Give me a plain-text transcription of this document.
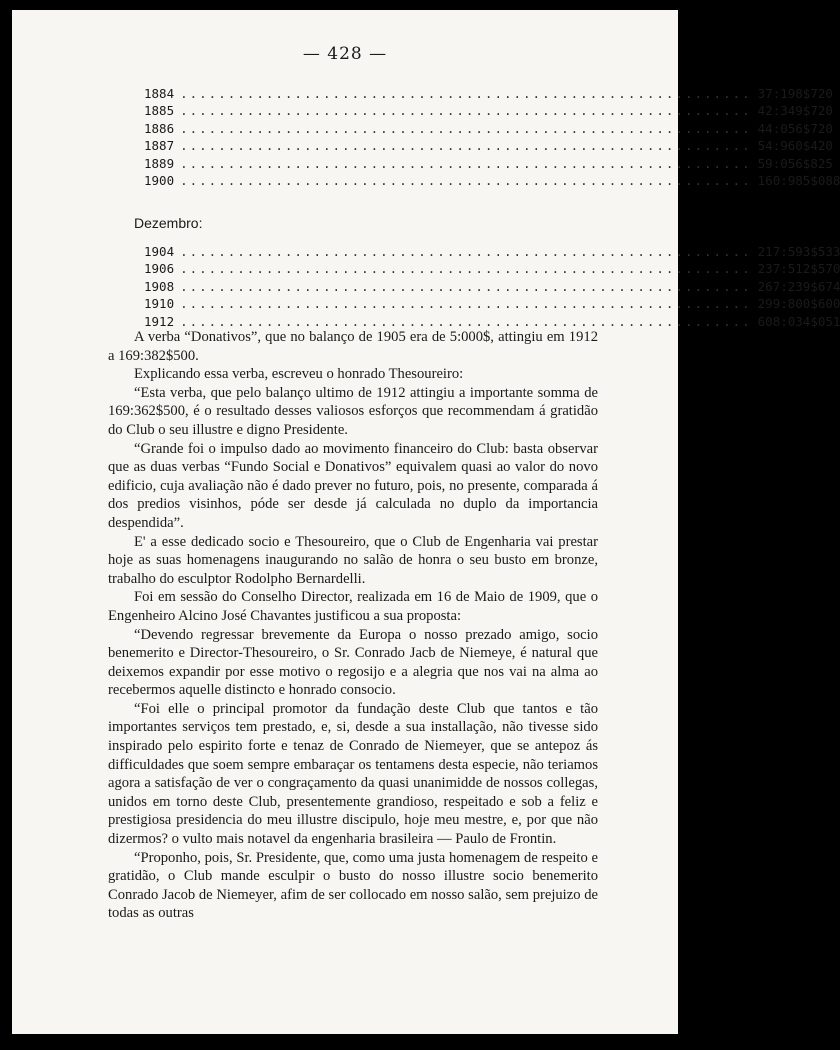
— 428 —
1884 ............................................................ 37:198$720
1885 ............................................................ 42:349$720
1886 ............................................................ 44:056$720
1887 ............................................................ 54:960$420
1889 ............................................................ 59:056$825
1900 ............................................................ 160:985$088
Dezembro:
1904 ............................................................ 217:593$533
1906 ............................................................ 237:512$570
1908 ............................................................ 267:239$674
1910 ............................................................ 299:800$600
1912 ............................................................ 608:034$051

A verba “Donativos”, que no balanço de 1905 era de 5:000$, attingiu em 1912 a 169:382$500.

Explicando essa verba, escreveu o honrado Thesoureiro:

“Esta verba, que pelo balanço ultimo de 1912 attingiu a importante somma de 169:362$500, é o resultado desses valiosos esforços que recommendam á gratidão do Club o seu illustre e digno Presidente.

“Grande foi o impulso dado ao movimento financeiro do Club: basta observar que as duas verbas “Fundo Social e Donativos” equivalem quasi ao valor do novo edificio, cuja avaliação não é dado prever no futuro, pois, no presente, comparada á dos predios visinhos, póde ser desde já calculada no duplo da importancia despendida”.

E' a esse dedicado socio e Thesoureiro, que o Club de Engenharia vai prestar hoje as suas homenagens inaugurando no salão de honra o seu busto em bronze, trabalho do esculptor Rodolpho Bernardelli.

Foi em sessão do Conselho Director, realizada em 16 de Maio de 1909, que o Engenheiro Alcino José Chavantes justificou a sua proposta:

“Devendo regressar brevemente da Europa o nosso prezado amigo, socio benemerito e Director-Thesoureiro, o Sr. Conrado Jacb de Niemeye, é natural que deixemos expandir por esse motivo o regosijo e a alegria que nos vai na alma ao recebermos aquelle distincto e honrado consocio.

“Foi elle o principal promotor da fundação deste Club que tantos e tão importantes serviços tem prestado, e, si, desde a sua installação, não tivesse sido inspirado pelo espirito forte e tenaz de Conrado de Niemeyer, que se antepoz ás difficuldades que soem sempre embaraçar os tentamens desta especie, não teriamos agora a satisfação de ver o congraçamento da quasi unanimidde de nossos collegas, unidos em torno deste Club, presentemente grandioso, respeitado e sob a feliz e prestigiosa presidencia do meu illustre discipulo, hoje meu mestre, e, por que não dizermos? o vulto mais notavel da engenharia brasileira — Paulo de Frontin.

“Proponho, pois, Sr. Presidente, que, como uma justa homenagem de respeito e gratidão, o Club mande esculpir o busto do nosso illustre socio benemerito Conrado Jacob de Niemeyer, afim de ser collocado em nosso salão, sem prejuizo de todas as outras
